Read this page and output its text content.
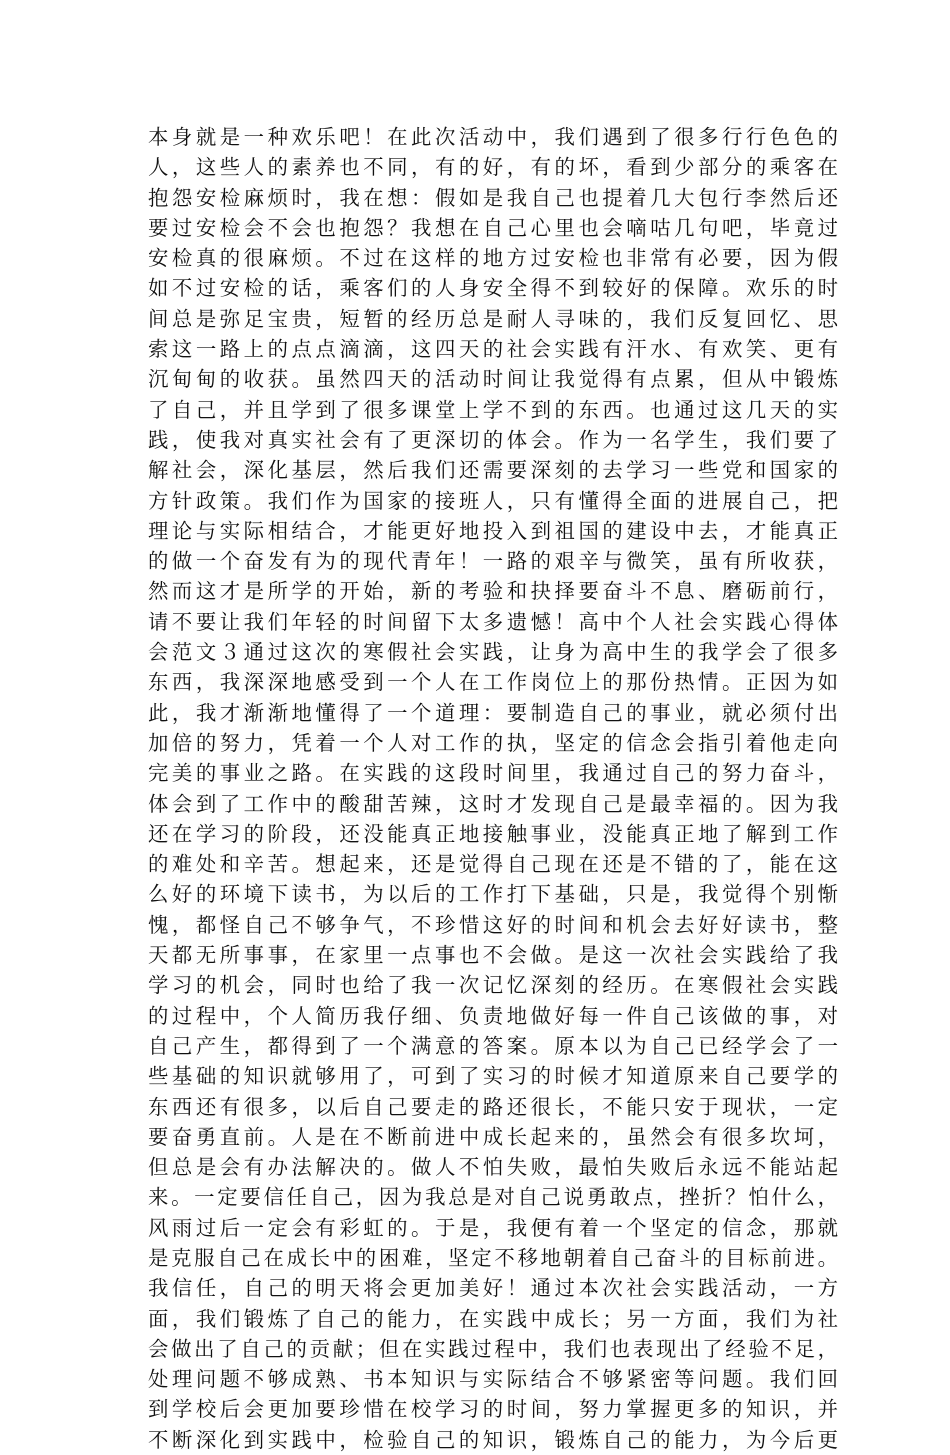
本身就是一种欢乐吧！在此次活动中，我们遇到了很多行行色色的
人，这些人的素养也不同，有的好，有的坏，看到少部分的乘客在
抱怨安检麻烦时，我在想：假如是我自己也提着几大包行李然后还
要过安检会不会也抱怨？我想在自己心里也会嘀咕几句吧，毕竟过
安检真的很麻烦。不过在这样的地方过安检也非常有必要，因为假
如不过安检的话，乘客们的人身安全得不到较好的保障。欢乐的时
间总是弥足宝贵，短暂的经历总是耐人寻味的，我们反复回忆、思
索这一路上的点点滴滴，这四天的社会实践有汗水、有欢笑、更有
沉甸甸的收获。虽然四天的活动时间让我觉得有点累，但从中锻炼
了自己，并且学到了很多课堂上学不到的东西。也通过这几天的实
践，使我对真实社会有了更深切的体会。作为一名学生，我们要了
解社会，深化基层，然后我们还需要深刻的去学习一些党和国家的
方针政策。我们作为国家的接班人，只有懂得全面的进展自己，把
理论与实际相结合，才能更好地投入到祖国的建设中去，才能真正
的做一个奋发有为的现代青年！一路的艰辛与微笑，虽有所收获，
然而这才是所学的开始，新的考验和抉择要奋斗不息、磨砺前行，
请不要让我们年轻的时间留下太多遗憾！高中个人社会实践心得体
会范文３通过这次的寒假社会实践，让身为高中生的我学会了很多
东西，我深深地感受到一个人在工作岗位上的那份热情。正因为如
此，我才渐渐地懂得了一个道理：要制造自己的事业，就必须付出
加倍的努力，凭着一个人对工作的执，坚定的信念会指引着他走向
完美的事业之路。在实践的这段时间里，我通过自己的努力奋斗，
体会到了工作中的酸甜苦辣，这时才发现自己是最幸福的。因为我
还在学习的阶段，还没能真正地接触事业，没能真正地了解到工作
的难处和辛苦。想起来，还是觉得自己现在还是不错的了，能在这
么好的环境下读书，为以后的工作打下基础，只是，我觉得个别惭
愧，都怪自己不够争气，不珍惜这好的时间和机会去好好读书，整
天都无所事事，在家里一点事也不会做。是这一次社会实践给了我
学习的机会，同时也给了我一次记忆深刻的经历。在寒假社会实践
的过程中，个人简历我仔细、负责地做好每一件自己该做的事，对
自己产生，都得到了一个满意的答案。原本以为自己已经学会了一
些基础的知识就够用了，可到了实习的时候才知道原来自己要学的
东西还有很多，以后自己要走的路还很长，不能只安于现状，一定
要奋勇直前。人是在不断前进中成长起来的，虽然会有很多坎坷，
但总是会有办法解决的。做人不怕失败，最怕失败后永远不能站起
来。一定要信任自己，因为我总是对自己说勇敢点，挫折？怕什么，
风雨过后一定会有彩虹的。于是，我便有着一个坚定的信念，那就
是克服自己在成长中的困难，坚定不移地朝着自己奋斗的目标前进。
我信任，自己的明天将会更加美好！通过本次社会实践活动，一方
面，我们锻炼了自己的能力，在实践中成长；另一方面，我们为社
会做出了自己的贡献；但在实践过程中，我们也表现出了经验不足，
处理问题不够成熟、书本知识与实际结合不够紧密等问题。我们回
到学校后会更加要珍惜在校学习的时间，努力掌握更多的知识，并
不断深化到实践中，检验自己的知识，锻炼自己的能力，为今后更
